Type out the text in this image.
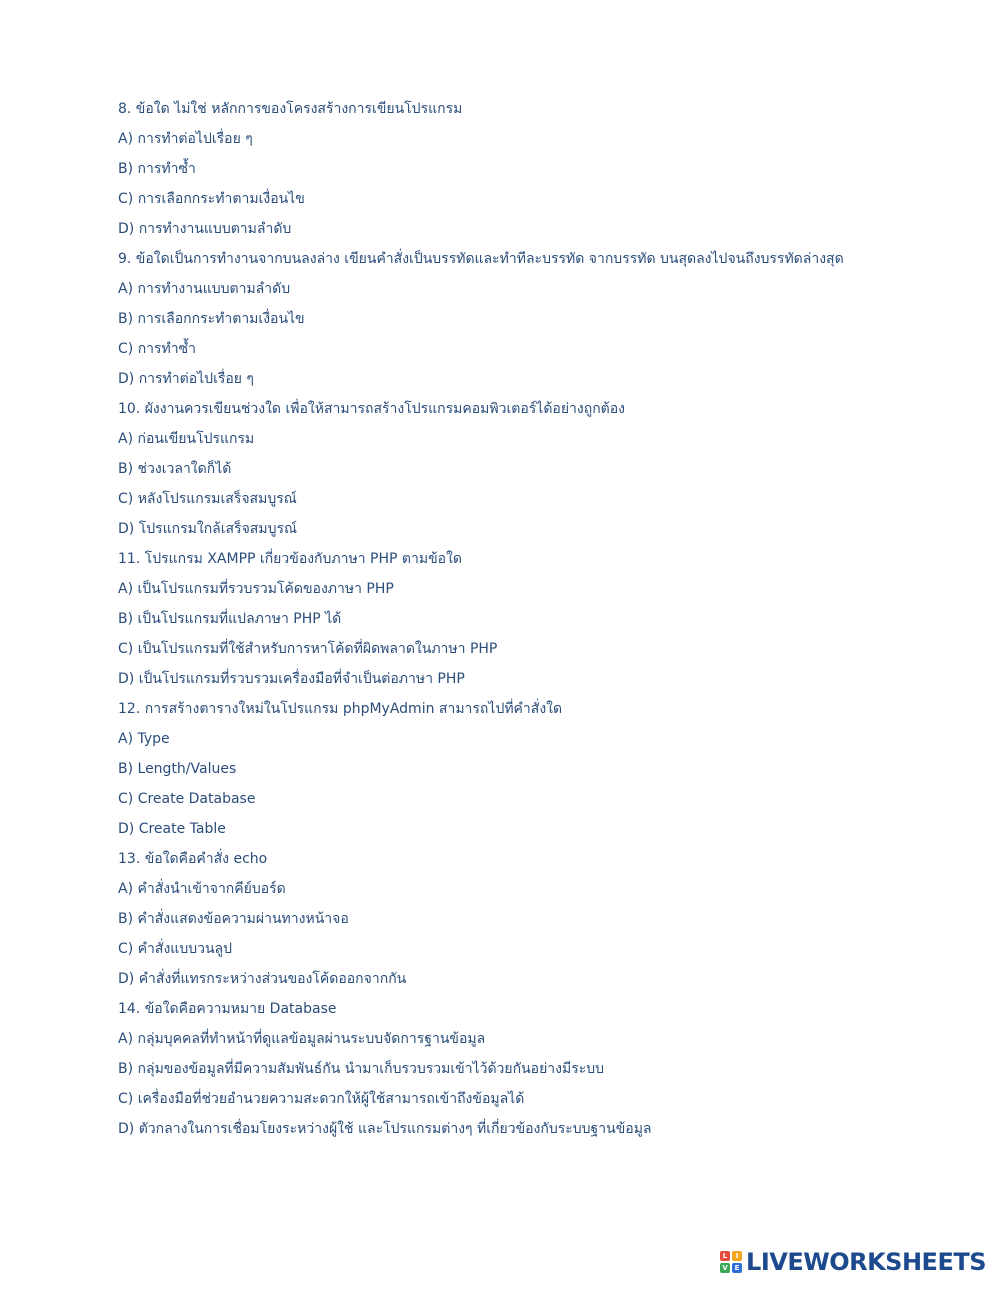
8. ข้อใด ไม่ใช่ หลักการของโครงสร้างการเขียนโปรแกรม
A) การทำต่อไปเรื่อย ๆ
B) การทำซ้ำ
C) การเลือกกระทำตามเงื่อนไข
D) การทำงานแบบตามลำดับ
9. ข้อใดเป็นการทำงานจากบนลงล่าง เขียนคำสั่งเป็นบรรทัดและทำทีละบรรทัด จากบรรทัด บนสุดลงไปจนถึงบรรทัดล่างสุด
A) การทำงานแบบตามลำดับ
B) การเลือกกระทำตามเงื่อนไข
C) การทำซ้ำ
D) การทำต่อไปเรื่อย ๆ
10. ผังงานควรเขียนช่วงใด เพื่อให้สามารถสร้างโปรแกรมคอมพิวเตอร์ได้อย่างถูกต้อง
A) ก่อนเขียนโปรแกรม
B) ช่วงเวลาใดก็ได้
C) หลังโปรแกรมเสร็จสมบูรณ์
D) โปรแกรมใกล้เสร็จสมบูรณ์
11. โปรแกรม XAMPP เกี่ยวข้องกับภาษา PHP ตามข้อใด
A) เป็นโปรแกรมที่รวบรวมโค้ดของภาษา PHP
B) เป็นโปรแกรมที่แปลภาษา PHP ได้
C) เป็นโปรแกรมที่ใช้สำหรับการหาโค้ดที่ผิดพลาดในภาษา PHP
D) เป็นโปรแกรมที่รวบรวมเครื่องมือที่จำเป็นต่อภาษา PHP
12. การสร้างตารางใหม่ในโปรแกรม phpMyAdmin สามารถไปที่คำสั่งใด
A) Type
B) Length/Values
C) Create Database
D) Create Table
13. ข้อใดคือคำสั่ง echo
A) คำสั่งนำเข้าจากคีย์บอร์ด
B) คำสั่งแสดงข้อความผ่านทางหน้าจอ
C) คำสั่งแบบวนลูป
D) คำสั่งที่แทรกระหว่างส่วนของโค้ดออกจากกัน
14. ข้อใดคือความหมาย Database
A) กลุ่มบุคคลที่ทำหน้าที่ดูแลข้อมูลผ่านระบบจัดการฐานข้อมูล
B) กลุ่มของข้อมูลที่มีความสัมพันธ์กัน นำมาเก็บรวบรวมเข้าไว้ด้วยกันอย่างมีระบบ
C) เครื่องมือที่ช่วยอำนวยความสะดวกให้ผู้ใช้สามารถเข้าถึงข้อมูลได้
D) ตัวกลางในการเชื่อมโยงระหว่างผู้ใช้ และโปรแกรมต่างๆ ที่เกี่ยวข้องกับระบบฐานข้อมูล
L	I
V E LIVEWORKSHEETS
